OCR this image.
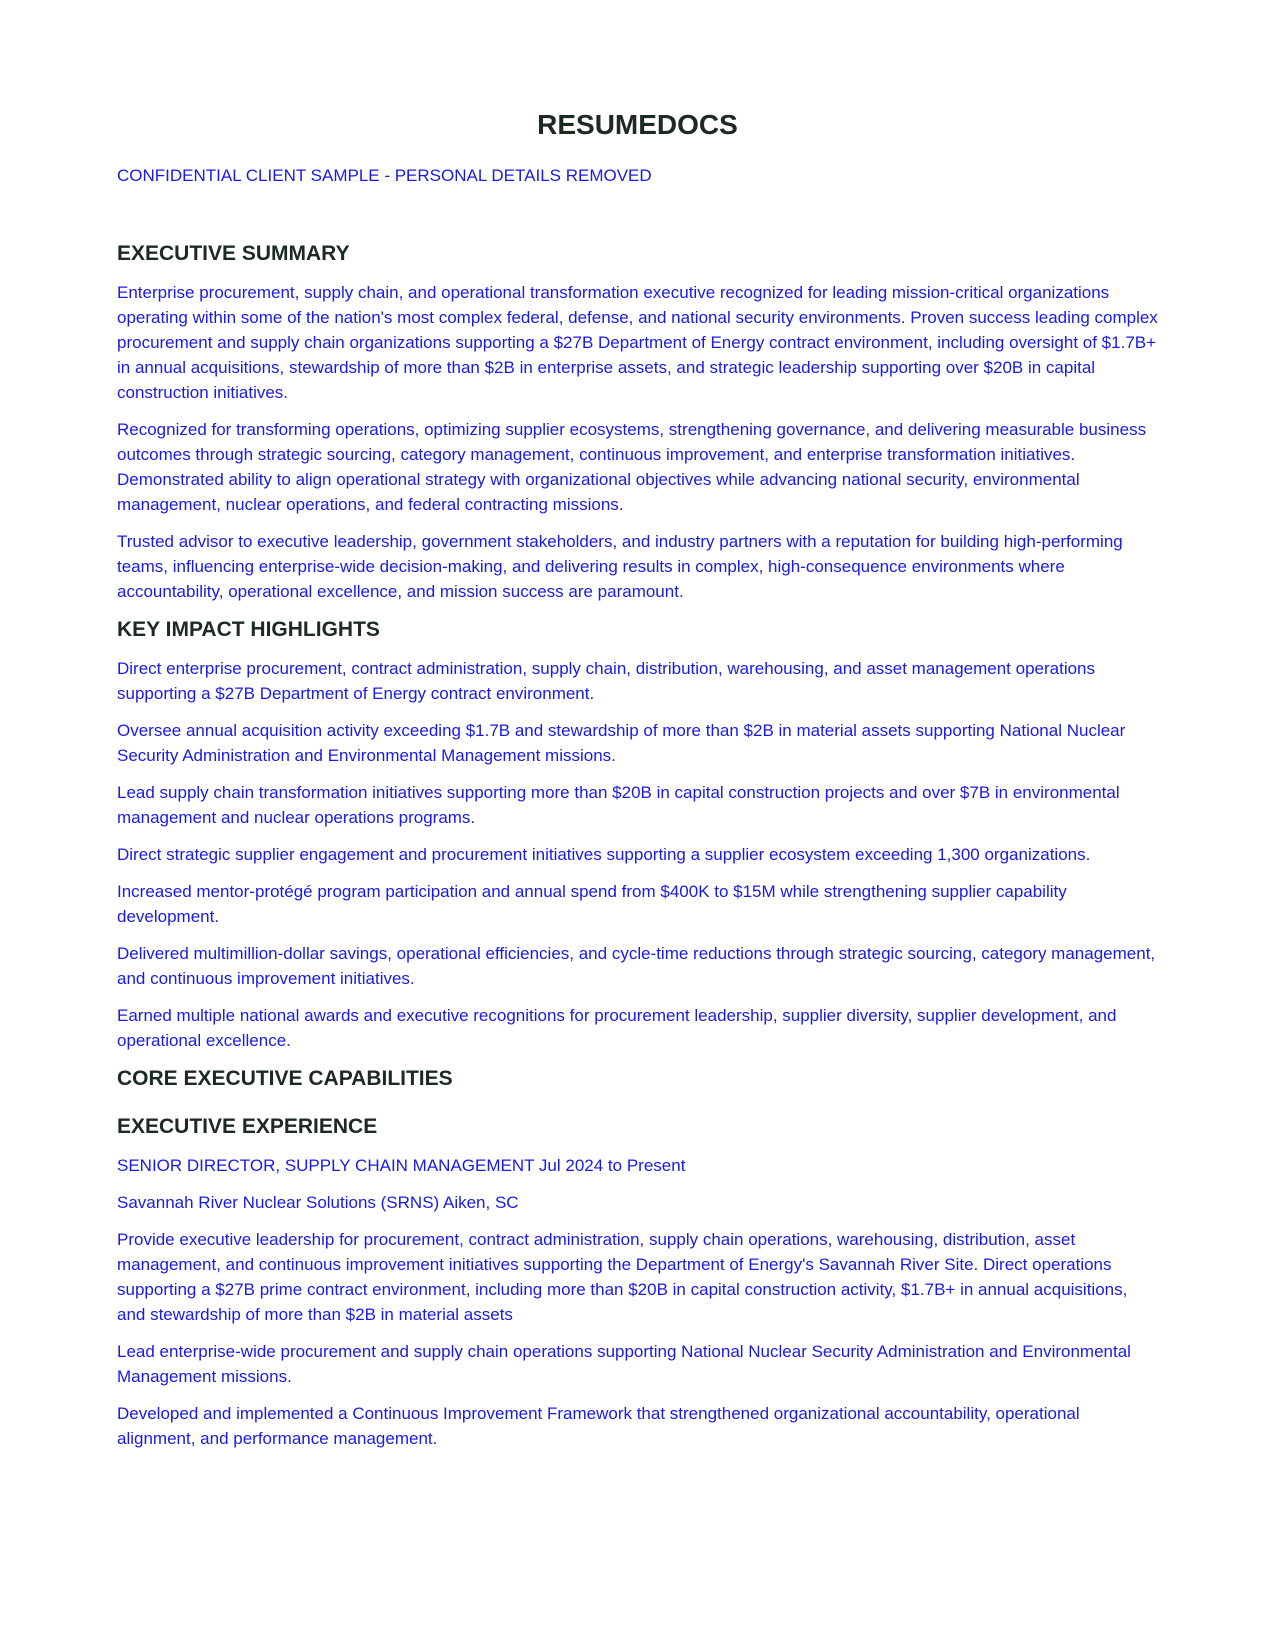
RESUMEDOCS

CONFIDENTIAL CLIENT SAMPLE - PERSONAL DETAILS REMOVED

EXECUTIVE SUMMARY

Enterprise procurement, supply chain, and operational transformation executive recognized for leading mission-critical organizations operating within some of the nation's most complex federal, defense, and national security environments. Proven success leading complex procurement and supply chain organizations supporting a $27B Department of Energy contract environment, including oversight of $1.7B+ in annual acquisitions, stewardship of more than $2B in enterprise assets, and strategic leadership supporting over $20B in capital construction initiatives.

Recognized for transforming operations, optimizing supplier ecosystems, strengthening governance, and delivering measurable business outcomes through strategic sourcing, category management, continuous improvement, and enterprise transformation initiatives. Demonstrated ability to align operational strategy with organizational objectives while advancing national security, environmental management, nuclear operations, and federal contracting missions.

Trusted advisor to executive leadership, government stakeholders, and industry partners with a reputation for building high-performing teams, influencing enterprise-wide decision-making, and delivering results in complex, high-consequence environments where accountability, operational excellence, and mission success are paramount.

KEY IMPACT HIGHLIGHTS

Direct enterprise procurement, contract administration, supply chain, distribution, warehousing, and asset management operations supporting a $27B Department of Energy contract environment.

Oversee annual acquisition activity exceeding $1.7B and stewardship of more than $2B in material assets supporting National Nuclear Security Administration and Environmental Management missions.

Lead supply chain transformation initiatives supporting more than $20B in capital construction projects and over $7B in environmental management and nuclear operations programs.

Direct strategic supplier engagement and procurement initiatives supporting a supplier ecosystem exceeding 1,300 organizations.

Increased mentor-protégé program participation and annual spend from $400K to $15M while strengthening supplier capability development.

Delivered multimillion-dollar savings, operational efficiencies, and cycle-time reductions through strategic sourcing, category management, and continuous improvement initiatives.

Earned multiple national awards and executive recognitions for procurement leadership, supplier diversity, supplier development, and operational excellence.

CORE EXECUTIVE CAPABILITIES
EXECUTIVE EXPERIENCE

SENIOR DIRECTOR, SUPPLY CHAIN MANAGEMENT Jul 2024 to Present

Savannah River Nuclear Solutions (SRNS) Aiken, SC

Provide executive leadership for procurement, contract administration, supply chain operations, warehousing, distribution, asset management, and continuous improvement initiatives supporting the Department of Energy's Savannah River Site. Direct operations supporting a $27B prime contract environment, including more than $20B in capital construction activity, $1.7B+ in annual acquisitions, and stewardship of more than $2B in material assets

Lead enterprise-wide procurement and supply chain operations supporting National Nuclear Security Administration and Environmental Management missions.

Developed and implemented a Continuous Improvement Framework that strengthened organizational accountability, operational alignment, and performance management.
